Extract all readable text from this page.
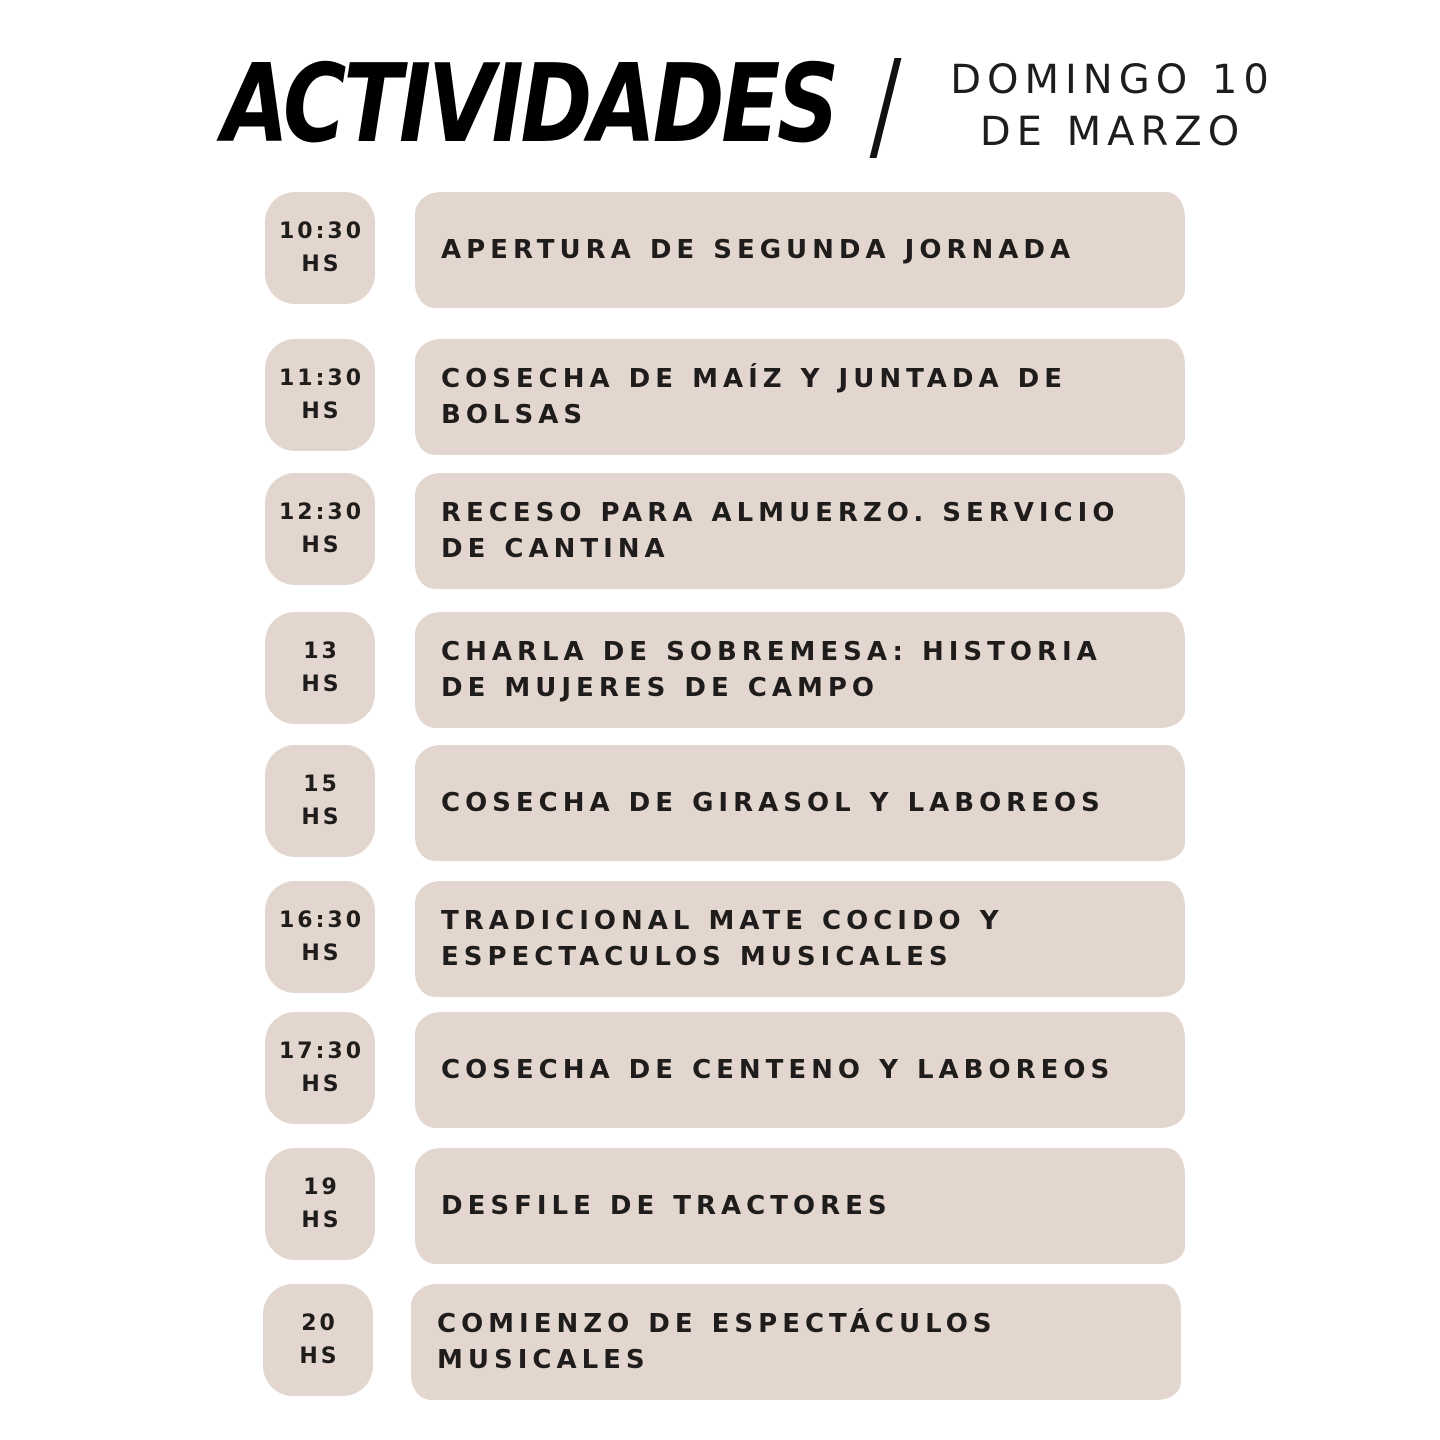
ACTIVIDADES	DOMINGO 10
DE MARZO
10:30
HS	APERTURA DE SEGUNDA JORNADA
11:30
HS
COSECHA DE MAÍZ Y JUNTADA DE BOLSAS
12:30
HS
RECESO PARA ALMUERZO. SERVICIO DE CANTINA
13
HS
CHARLA DE SOBREMESA: HISTORIA DE MUJERES DE CAMPO
15
HS	COSECHA DE GIRASOL Y LABOREOS
16:30
HS
TRADICIONAL MATE COCIDO Y ESPECTACULOS MUSICALES
17:30
HS	COSECHA DE CENTENO Y LABOREOS
19
HS	DESFILE DE TRACTORES
20
HS
COMIENZO DE ESPECTÁCULOS MUSICALES
